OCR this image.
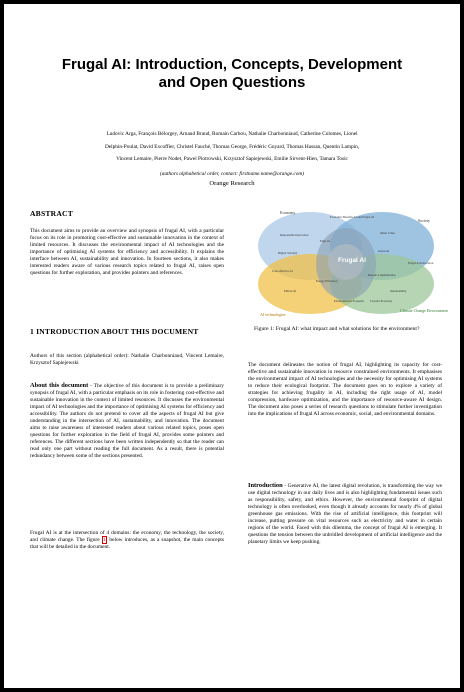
Frugal AI: Introduction, Concepts, Development
and Open Questions
Ludovic Arga, François Bélorgey, Arnaud Braud, Romain Carbou, Nathalie Charbonniaud, Catherine Colomes, Lionel
Delphin-Poulat, David Excoffier, Christel Fauché, Thomas George, Frédéric Guyard, Thomas Hassan, Quentin Lampin,
Vincent Lemaire, Pierre Nodet, Pawel Piotrowski, Krzysztof Sapiejewski, Emilie Sirvent-Hien, Tamara Tosic
(authors alphabetical order, contact: firstname.name@orange.com)
Orange Research
ABSTRACT
This document aims to provide an overview and synopsis of frugal AI, with a particular focus on its role in promoting cost-effective and sustainable innovation in the context of limited resources. It discusses the environmental impact of AI technologies and the importance of optimising AI systems for efficiency and accessibility. It explains the interface between AI, sustainability and innovation. In fourteen sections, it also makes interested readers aware of various research topics related to frugal AI, raises open questions for further exploration, and provides pointers and references.
1 INTRODUCTION ABOUT THIS DOCUMENT
Authors of this section (alphabetical order): Nathalie Charbonniaud, Vincent Lemaire, Krzysztof Sapiejewski
About this document - The objective of this document is to provide a preliminary synopsis of frugal AI, with a particular emphasis on its role in fostering cost-effective and sustainable innovation in the context of limited resources. It discusses the environmental impact of AI technologies and the importance of optimising AI systems for efficiency and accessibility. The authors do not pretend to cover all the aspects of frugal AI but give understanding in the intersection of AI, sustainability, and innovation. The document aims to raise awareness of interested readers about various related topics, poses open questions for further exploration in the field of frugal AI, provides some pointers and references. The different sections have been written independently so that the reader can read only one part without reading the full document. As a result, there is potential redundancy between some of the sections presented.
Frugal AI is at the intersection of 4 domains: the economy, the technology, the society, and climate change. The figure 1 below introduces, as a snapshot, the main concepts that will be detailed in the document.
Economy
Society
AI technologies
Climate Change Environment
Frugal AI
Economic Benefits AI and Frugal AI
Responsible Innovation
Digital Sobriety
Edge AI
Smart Cities
Green AI
Cost-effective AI
Energy Efficiency
Resource Optimisation
Frugal AI Innovation
Ethical AI	Sustainability
Environmental Footprint Circular Economy
Figure 1: Frugal AI: what impact and what solutions for the environment?
The document delineates the notion of frugal AI, highlighting its capacity for cost-effective and sustainable innovation in resource constrained environments. It emphasises the environmental impact of AI technologies and the necessity for optimising AI systems to reduce their ecological footprint. The document goes on to explore a variety of strategies for achieving frugality in AI, including the right usage of AI, model compression, hardware optimization, and the importance of resource-aware AI design. The document also poses a series of research questions to stimulate further investigation into the implications of frugal AI across economic, social, and environmental domains.
Introduction - Generative AI, the latest digital revolution, is transforming the way we use digital technology in our daily lives and is also highlighting fundamental issues such as responsibility, safety, and ethics. However, the environmental footprint of digital technology is often overlooked, even though it already accounts for nearly 4% of global greenhouse gas emissions. With the rise of artificial intelligence, this footprint will increase, putting pressure on vital resources such as electricity and water in certain regions of the world. Faced with this dilemma, the concept of frugal AI is emerging. It questions the tension between the unbridled development of artificial intelligence and the planetary limits we keep pushing.
